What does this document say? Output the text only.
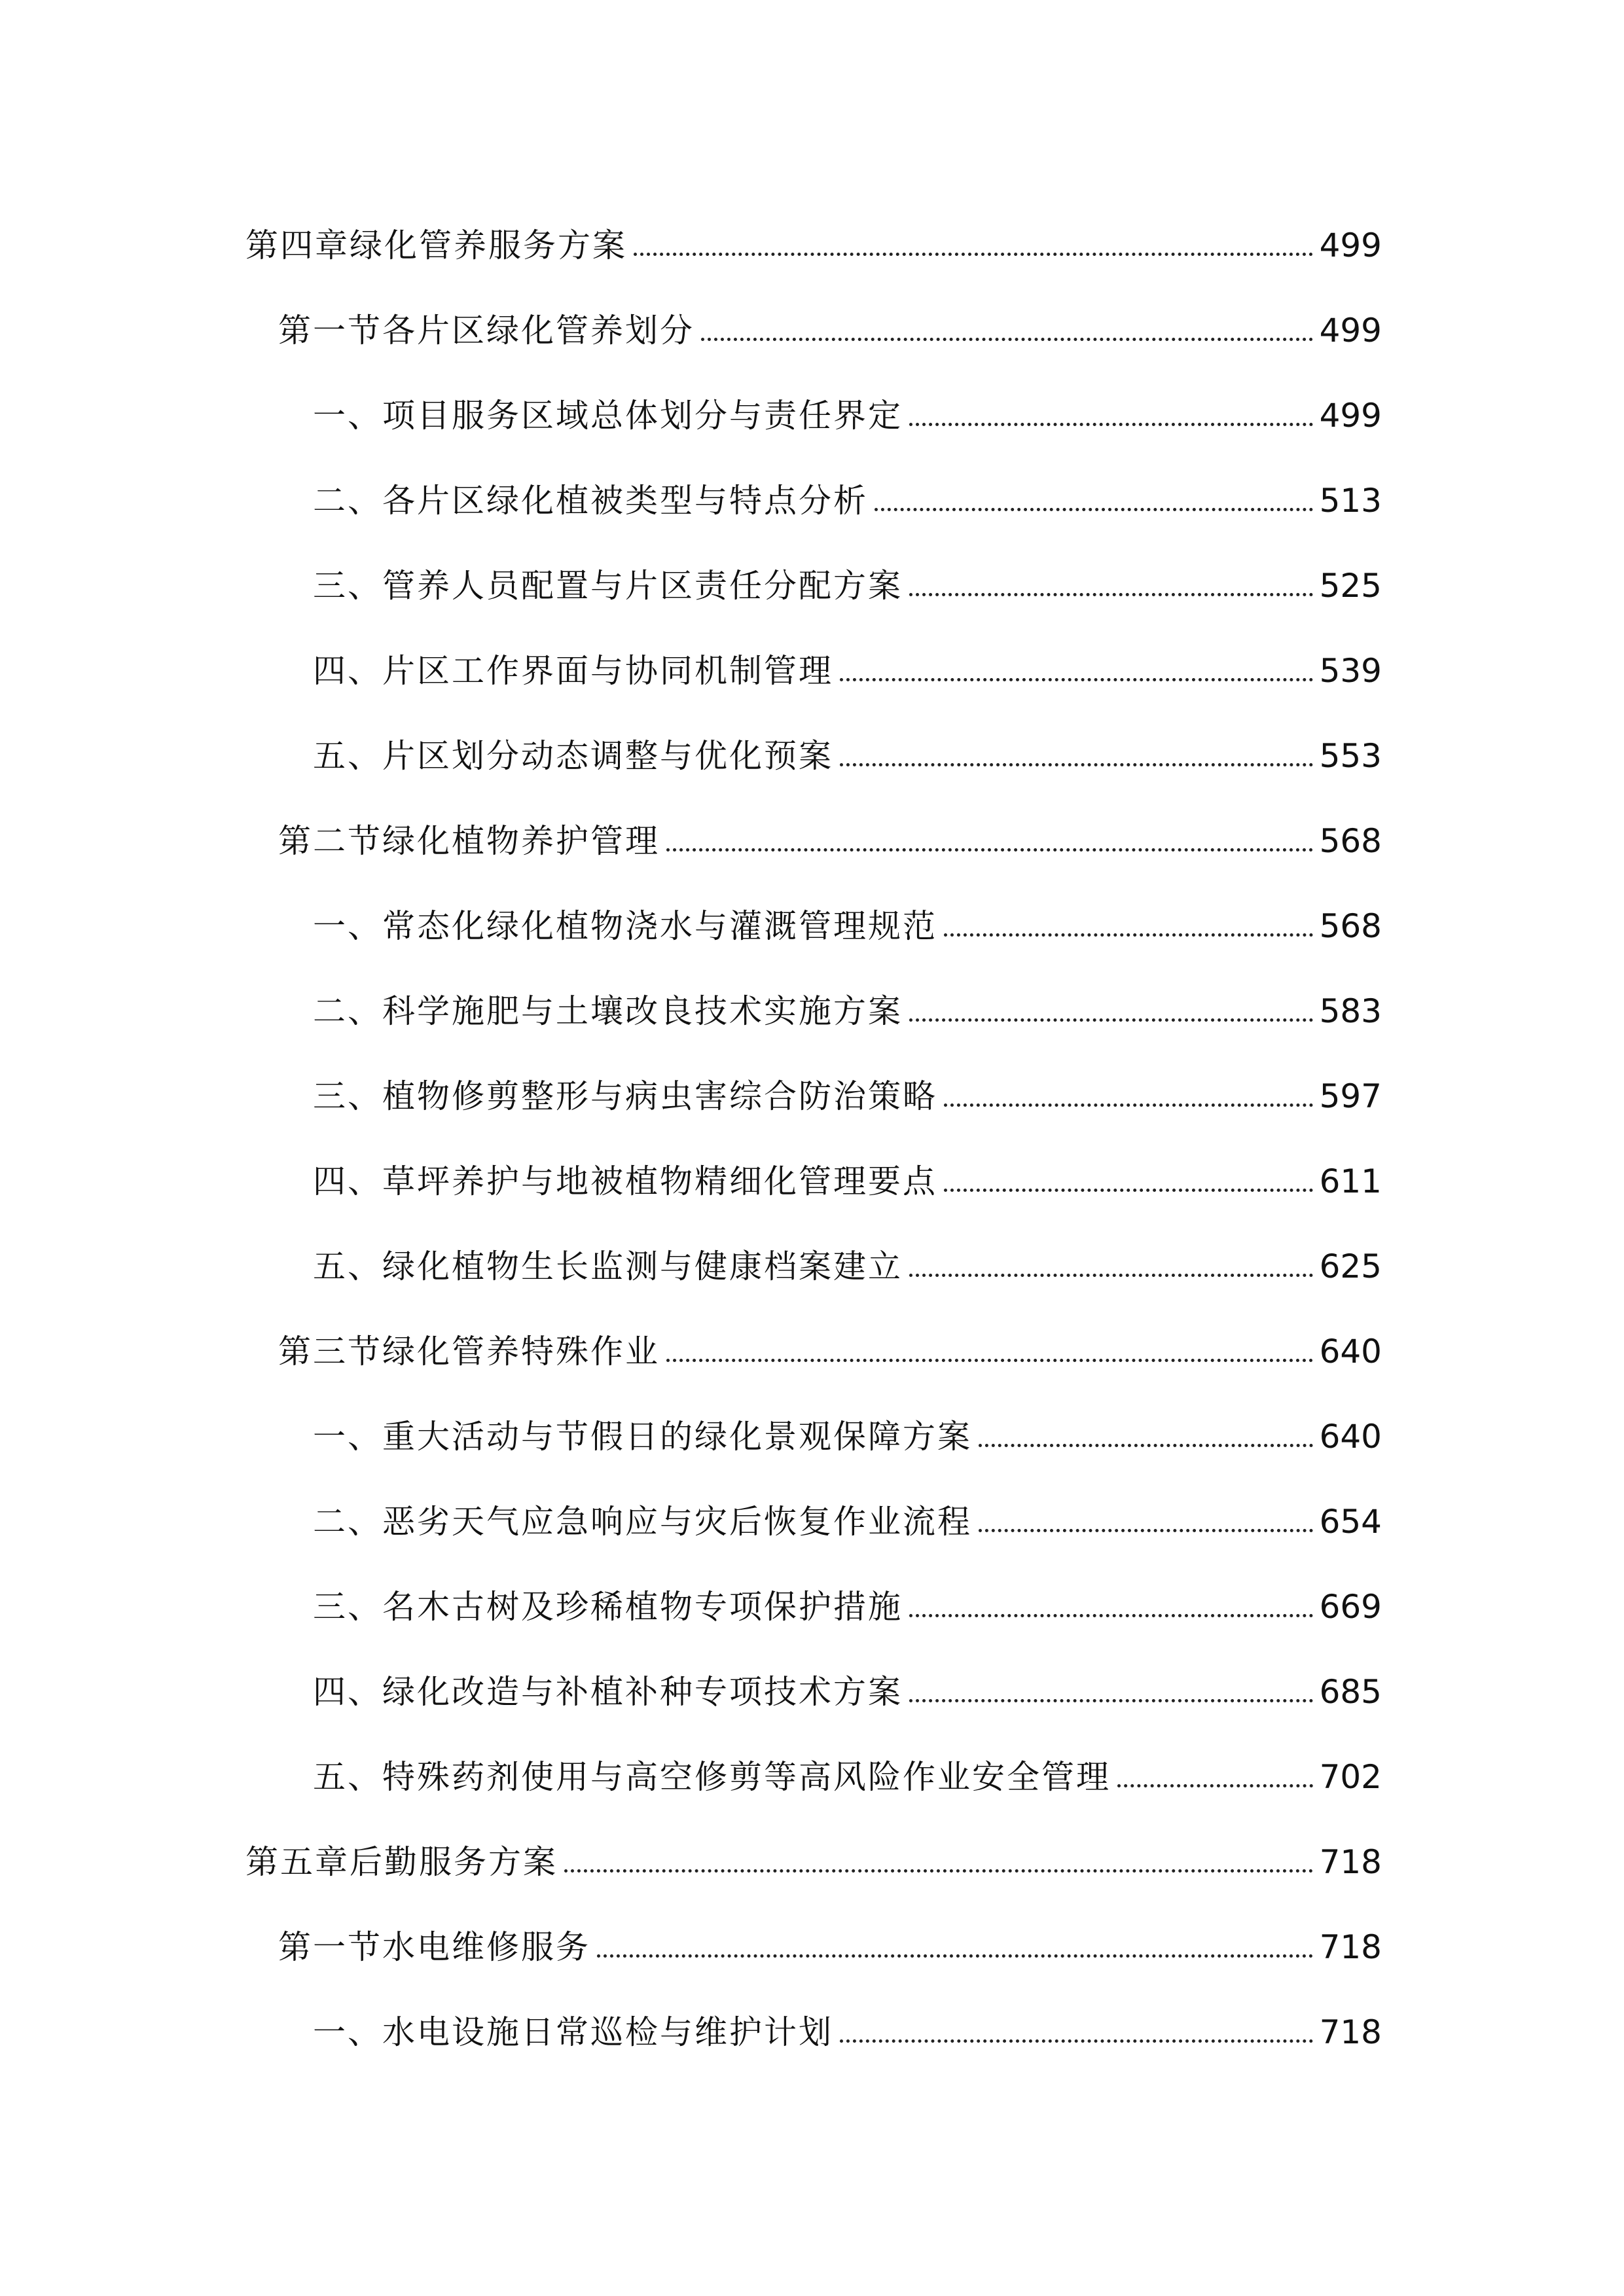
第四章绿化管养服务方案	499
第一节各片区绿化管养划分	499
一、项目服务区域总体划分与责任界定	499
二、各片区绿化植被类型与特点分析	513
三、管养人员配置与片区责任分配方案	525
四、片区工作界面与协同机制管理	539
五、片区划分动态调整与优化预案	553
第二节绿化植物养护管理	568
一、常态化绿化植物浇水与灌溉管理规范	568
二、科学施肥与土壤改良技术实施方案	583
三、植物修剪整形与病虫害综合防治策略	597
四、草坪养护与地被植物精细化管理要点	611
五、绿化植物生长监测与健康档案建立	625
第三节绿化管养特殊作业	640
一、重大活动与节假日的绿化景观保障方案	640
二、恶劣天气应急响应与灾后恢复作业流程	654
三、名木古树及珍稀植物专项保护措施	669
四、绿化改造与补植补种专项技术方案	685
五、特殊药剂使用与高空修剪等高风险作业安全管理	702
第五章后勤服务方案	718
第一节水电维修服务	718
一、水电设施日常巡检与维护计划	718
